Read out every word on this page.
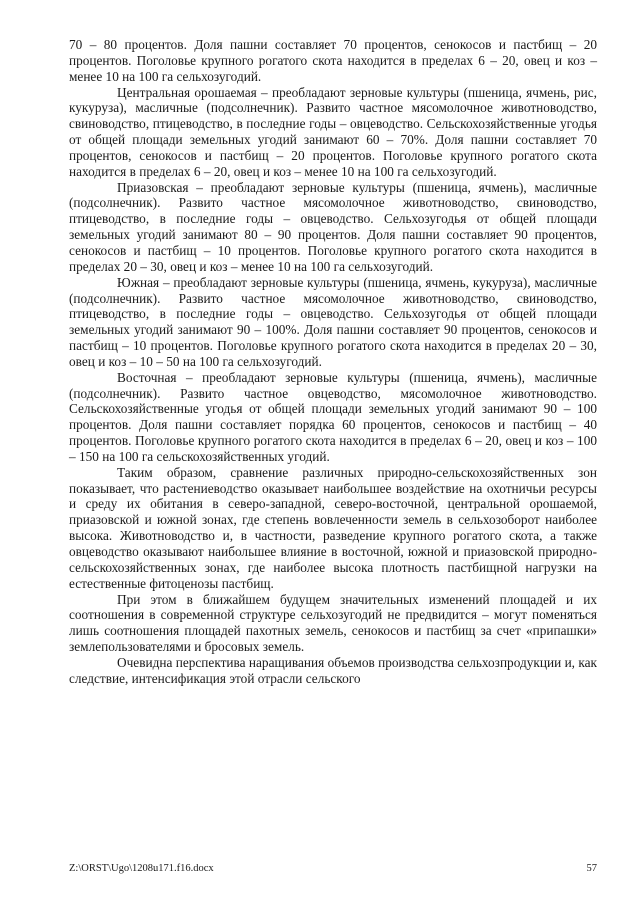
70 – 80 процентов. Доля пашни составляет 70 процентов, сенокосов и пастбищ – 20 процентов. Поголовье крупного рогатого скота находится в пределах 6 – 20, овец и коз – менее 10 на 100 га сельхозугодий.

Центральная орошаемая – преобладают зерновые культуры (пшеница, ячмень, рис, кукуруза), масличные (подсолнечник). Развито частное мясомолочное животноводство, свиноводство, птицеводство, в последние годы – овцеводство. Сельскохозяйственные угодья от общей площади земельных угодий занимают 60 – 70%. Доля пашни составляет 70 процентов, сенокосов и пастбищ – 20 процентов. Поголовье крупного рогатого скота находится в пределах 6 – 20, овец и коз – менее 10 на 100 га сельхозугодий.

Приазовская – преобладают зерновые культуры (пшеница, ячмень), масличные (подсолнечник). Развито частное мясомолочное животноводство, свиноводство, птицеводство, в последние годы – овцеводство. Сельхозугодья от общей площади земельных угодий занимают 80 – 90 процентов. Доля пашни составляет 90 процентов, сенокосов и пастбищ – 10 процентов. Поголовье крупного рогатого скота находится в пределах 20 – 30, овец и коз – менее 10 на 100 га сельхозугодий.

Южная – преобладают зерновые культуры (пшеница, ячмень, кукуруза), масличные (подсолнечник). Развито частное мясомолочное животноводство, свиноводство, птицеводство, в последние годы – овцеводство. Сельхозугодья от общей площади земельных угодий занимают 90 – 100%. Доля пашни составляет 90 процентов, сенокосов и пастбищ – 10 процентов. Поголовье крупного рогатого скота находится в пределах 20 – 30, овец и коз – 10 – 50 на 100 га сельхозугодий.

Восточная – преобладают зерновые культуры (пшеница, ячмень), масличные (подсолнечник). Развито частное овцеводство, мясомолочное животноводство. Сельскохозяйственные угодья от общей площади земельных угодий занимают 90 – 100 процентов. Доля пашни составляет порядка 60 процентов, сенокосов и пастбищ – 40 процентов. Поголовье крупного рогатого скота находится в пределах 6 – 20, овец и коз – 100 – 150 на 100 га сельскохозяйственных угодий.

Таким образом, сравнение различных природно-сельскохозяйственных зон показывает, что растениеводство оказывает наибольшее воздействие на охотничьи ресурсы и среду их обитания в северо-западной, северо-восточной, центральной орошаемой, приазовской и южной зонах, где степень вовлеченности земель в сельхозоборот наиболее высока. Животноводство и, в частности, разведение крупного рогатого скота, а также овцеводство оказывают наибольшее влияние в восточной, южной и приазовской природно-сельскохозяйственных зонах, где наиболее высока плотность пастбищной нагрузки на естественные фитоценозы пастбищ.

При этом в ближайшем будущем значительных изменений площадей и их соотношения в современной структуре сельхозугодий не предвидится – могут поменяться лишь соотношения площадей пахотных земель, сенокосов и пастбищ за счет «припашки» землепользователями и бросовых земель.

Очевидна перспектива наращивания объемов производства сельхозпродукции и, как следствие, интенсификация этой отрасли сельского

Z:\ORST\Ugo\1208u171.f16.docx	57
